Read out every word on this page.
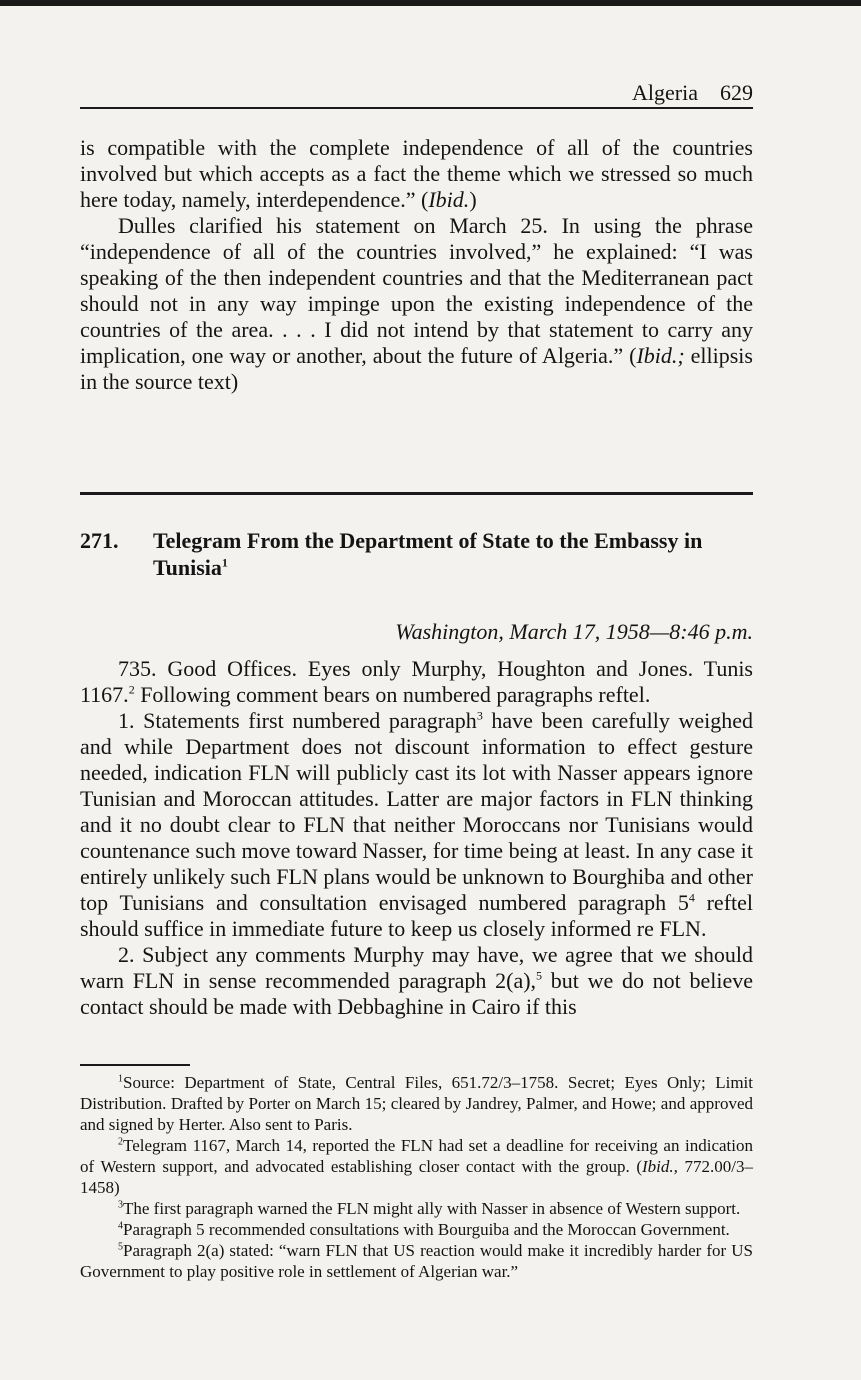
Algeria 629

is compatible with the complete independence of all of the countries involved but which accepts as a fact the theme which we stressed so much here today, namely, interdependence.” (Ibid.)

Dulles clarified his statement on March 25. In using the phrase “independence of all of the countries involved,” he explained: “I was speaking of the then independent countries and that the Mediterranean pact should not in any way impinge upon the existing independence of the countries of the area. . . . I did not intend by that statement to carry any implication, one way or another, about the future of Algeria.” (Ibid.; ellipsis in the source text)

271. Telegram From the Department of State to the Embassy in Tunisia$^1$
Washington, March 17, 1958—8:46 p.m.

735. Good Offices. Eyes only Murphy, Houghton and Jones. Tunis 1167.$^2$ Following comment bears on numbered paragraphs reftel.

1. Statements first numbered paragraph$^3$ have been carefully weighed and while Department does not discount information to effect gesture needed, indication FLN will publicly cast its lot with Nasser appears ignore Tunisian and Moroccan attitudes. Latter are major factors in FLN thinking and it no doubt clear to FLN that neither Moroccans nor Tunisians would countenance such move toward Nasser, for time being at least. In any case it entirely unlikely such FLN plans would be unknown to Bourghiba and other top Tunisians and consultation envisaged numbered paragraph $5^4$ reftel should suffice in immediate future to keep us closely informed re FLN.

2. Subject any comments Murphy may have, we agree that we should warn FLN in sense recommended paragraph 2(a),$^5$ but we do not believe contact should be made with Debbaghine in Cairo if this

$^1$Source: Department of State, Central Files, 651.72/3–1758. Secret; Eyes Only; Limit Distribution. Drafted by Porter on March 15; cleared by Jandrey, Palmer, and Howe; and approved and signed by Herter. Also sent to Paris.

$^2$Telegram 1167, March 14, reported the FLN had set a deadline for receiving an indication of Western support, and advocated establishing closer contact with the group. (Ibid., 772.00/3–1458)

$^3$The first paragraph warned the FLN might ally with Nasser in absence of Western support.

$^4$Paragraph 5 recommended consultations with Bourguiba and the Moroccan Government.

$^5$Paragraph 2(a) stated: “warn FLN that US reaction would make it incredibly harder for US Government to play positive role in settlement of Algerian war.”
